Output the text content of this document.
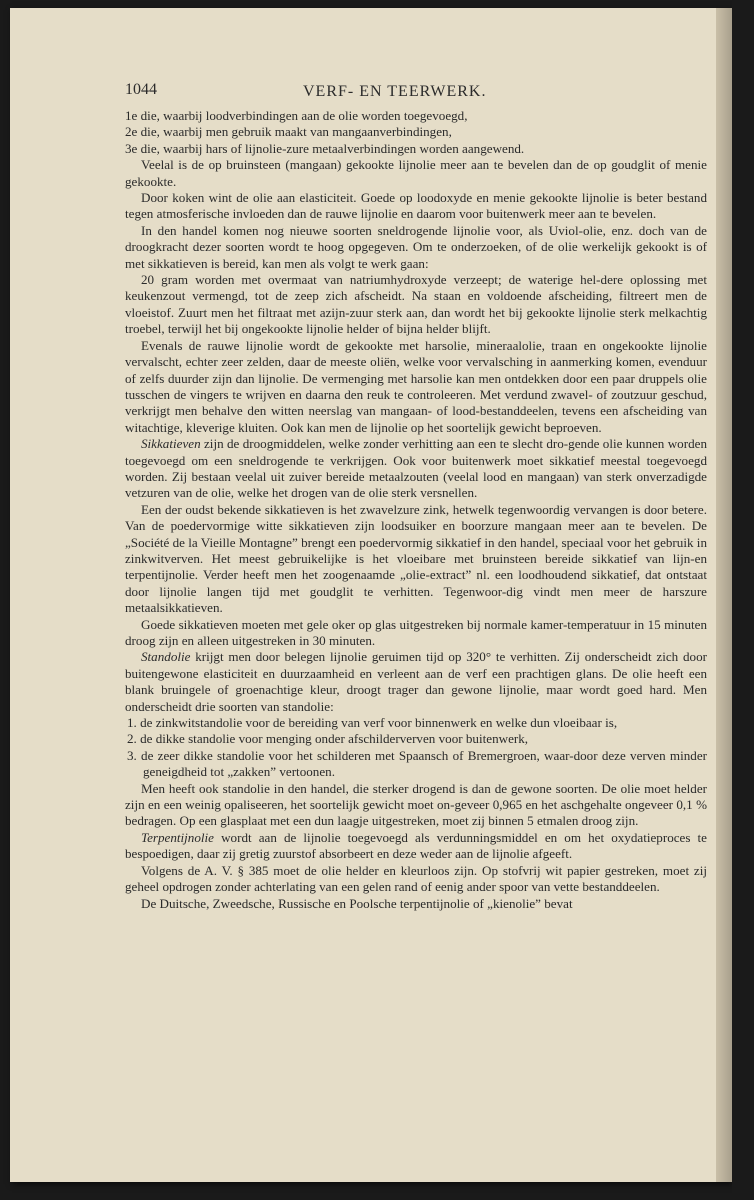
1044	VERF- EN TEERWERK.

1e die, waarbij loodverbindingen aan de olie worden toegevoegd,

2e die, waarbij men gebruik maakt van mangaanverbindingen,

3e die, waarbij hars of lijnolie-zure metaalverbindingen worden aangewend.

Veelal is de op bruinsteen (mangaan) gekookte lijnolie meer aan te bevelen dan de op goudglit of menie gekookte.

Door koken wint de olie aan elasticiteit. Goede op loodoxyde en menie gekookte lijnolie is beter bestand tegen atmosferische invloeden dan de rauwe lijnolie en daarom voor buitenwerk meer aan te bevelen.

In den handel komen nog nieuwe soorten sneldrogende lijnolie voor, als Uviol-olie, enz. doch van de droogkracht dezer soorten wordt te hoog opgegeven. Om te onderzoeken, of de olie werkelijk gekookt is of met sikkatieven is bereid, kan men als volgt te werk gaan:

20 gram worden met overmaat van natriumhydroxyde verzeept; de waterige hel-dere oplossing met keukenzout vermengd, tot de zeep zich afscheidt. Na staan en voldoende afscheiding, filtreert men de vloeistof. Zuurt men het filtraat met azijn-zuur sterk aan, dan wordt het bij gekookte lijnolie sterk melkachtig troebel, terwijl het bij ongekookte lijnolie helder of bijna helder blijft.

Evenals de rauwe lijnolie wordt de gekookte met harsolie, mineraalolie, traan en ongekookte lijnolie vervalscht, echter zeer zelden, daar de meeste oliën, welke voor vervalsching in aanmerking komen, evenduur of zelfs duurder zijn dan lijnolie. De vermenging met harsolie kan men ontdekken door een paar druppels olie tusschen de vingers te wrijven en daarna den reuk te controleeren. Met verdund zwavel- of zoutzuur geschud, verkrijgt men behalve den witten neerslag van mangaan- of lood-bestanddeelen, tevens een afscheiding van witachtige, kleverige kluiten. Ook kan men de lijnolie op het soortelijk gewicht beproeven.

Sikkatieven zijn de droogmiddelen, welke zonder verhitting aan een te slecht dro-gende olie kunnen worden toegevoegd om een sneldrogende te verkrijgen. Ook voor buitenwerk moet sikkatief meestal toegevoegd worden. Zij bestaan veelal uit zuiver bereide metaalzouten (veelal lood en mangaan) van sterk onverzadigde vetzuren van de olie, welke het drogen van de olie sterk versnellen.

Een der oudst bekende sikkatieven is het zwavelzure zink, hetwelk tegenwoordig vervangen is door betere. Van de poedervormige witte sikkatieven zijn loodsuiker en boorzure mangaan meer aan te bevelen. De „Société de la Vieille Montagne” brengt een poedervormig sikkatief in den handel, speciaal voor het gebruik in zinkwitverven. Het meest gebruikelijke is het vloeibare met bruinsteen bereide sikkatief van lijn-en terpentijnolie. Verder heeft men het zoogenaamde „olie-extract” nl. een loodhoudend sikkatief, dat ontstaat door lijnolie langen tijd met goudglit te verhitten. Tegenwoor-dig vindt men meer de harszure metaalsikkatieven.

Goede sikkatieven moeten met gele oker op glas uitgestreken bij normale kamer-temperatuur in 15 minuten droog zijn en alleen uitgestreken in 30 minuten.

Standolie krijgt men door belegen lijnolie geruimen tijd op 320° te verhitten. Zij onderscheidt zich door buitengewone elasticiteit en duurzaamheid en verleent aan de verf een prachtigen glans. De olie heeft een blank bruingele of groenachtige kleur, droogt trager dan gewone lijnolie, maar wordt goed hard. Men onderscheidt drie soorten van standolie:

1. de zinkwitstandolie voor de bereiding van verf voor binnenwerk en welke dun vloeibaar is,

2. de dikke standolie voor menging onder afschilderverven voor buitenwerk,

3. de zeer dikke standolie voor het schilderen met Spaansch of Bremergroen, waar-door deze verven minder geneigdheid tot „zakken” vertoonen.

Men heeft ook standolie in den handel, die sterker drogend is dan de gewone soorten. De olie moet helder zijn en een weinig opaliseeren, het soortelijk gewicht moet on-geveer 0,965 en het aschgehalte ongeveer 0,1 % bedragen. Op een glasplaat met een dun laagje uitgestreken, moet zij binnen 5 etmalen droog zijn.

Terpentijnolie wordt aan de lijnolie toegevoegd als verdunningsmiddel en om het oxydatieproces te bespoedigen, daar zij gretig zuurstof absorbeert en deze weder aan de lijnolie afgeeft.

Volgens de A. V. § 385 moet de olie helder en kleurloos zijn. Op stofvrij wit papier gestreken, moet zij geheel opdrogen zonder achterlating van een gelen rand of eenig ander spoor van vette bestanddeelen.

De Duitsche, Zweedsche, Russische en Poolsche terpentijnolie of „kienolie” bevat
